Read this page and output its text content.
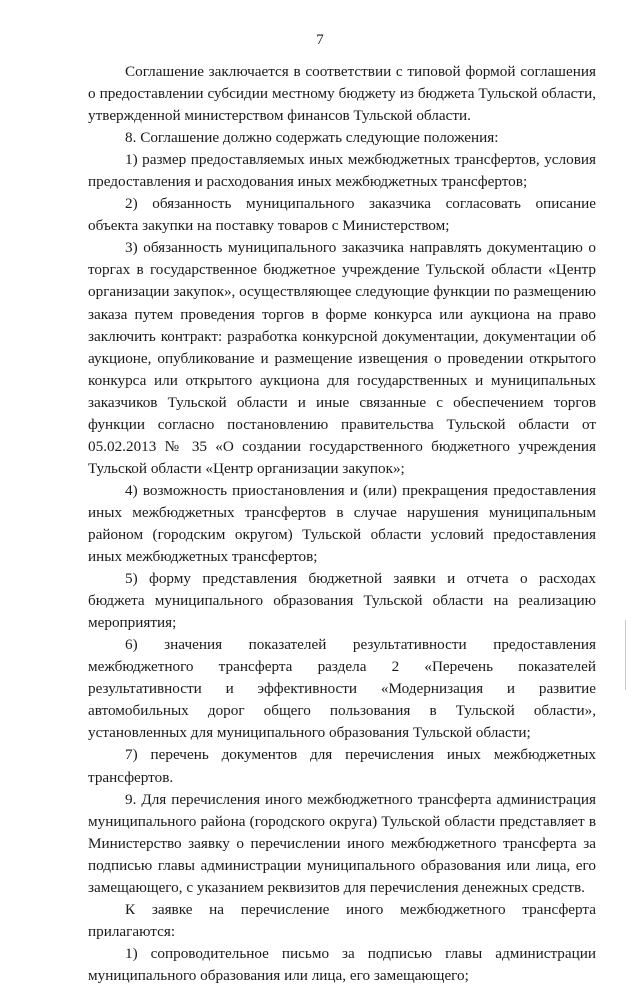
7

Соглашение заключается в соответствии с типовой формой соглашения о предоставлении субсидии местному бюджету из бюджета Тульской области, утвержденной министерством финансов Тульской области.

8. Соглашение должно содержать следующие положения:

1) размер предоставляемых иных межбюджетных трансфертов, условия предоставления и расходования иных межбюджетных трансфертов;

2) обязанность муниципального заказчика согласовать описание объекта закупки на поставку товаров с Министерством;

3) обязанность муниципального заказчика направлять документацию о торгах в государственное бюджетное учреждение Тульской области «Центр организации закупок», осуществляющее следующие функции по размещению заказа путем проведения торгов в форме конкурса или аукциона на право заключить контракт: разработка конкурсной документации, документации об аукционе, опубликование и размещение извещения о проведении открытого конкурса или открытого аукциона для государственных и муниципальных заказчиков Тульской области и иные связанные с обеспечением торгов функции согласно постановлению правительства Тульской области от 05.02.2013 № 35 «О создании государственного бюджетного учреждения Тульской области «Центр организации закупок»;

4) возможность приостановления и (или) прекращения предоставления иных межбюджетных трансфертов в случае нарушения муниципальным районом (городским округом) Тульской области условий предоставления иных межбюджетных трансфертов;

5) форму представления бюджетной заявки и отчета о расходах бюджета муниципального образования Тульской области на реализацию мероприятия;

6) значения показателей результативности предоставления межбюджетного трансферта раздела 2 «Перечень показателей результативности и эффективности «Модернизация и развитие автомобильных дорог общего пользования в Тульской области», установленных для муниципального образования Тульской области;

7) перечень документов для перечисления иных межбюджетных трансфертов.

9. Для перечисления иного межбюджетного трансферта администрация муниципального района (городского округа) Тульской области представляет в Министерство заявку о перечислении иного межбюджетного трансферта за подписью главы администрации муниципального образования или лица, его замещающего, с указанием реквизитов для перечисления денежных средств.

К заявке на перечисление иного межбюджетного трансферта прилагаются:

1) сопроводительное письмо за подписью главы администрации муниципального образования или лица, его замещающего;
